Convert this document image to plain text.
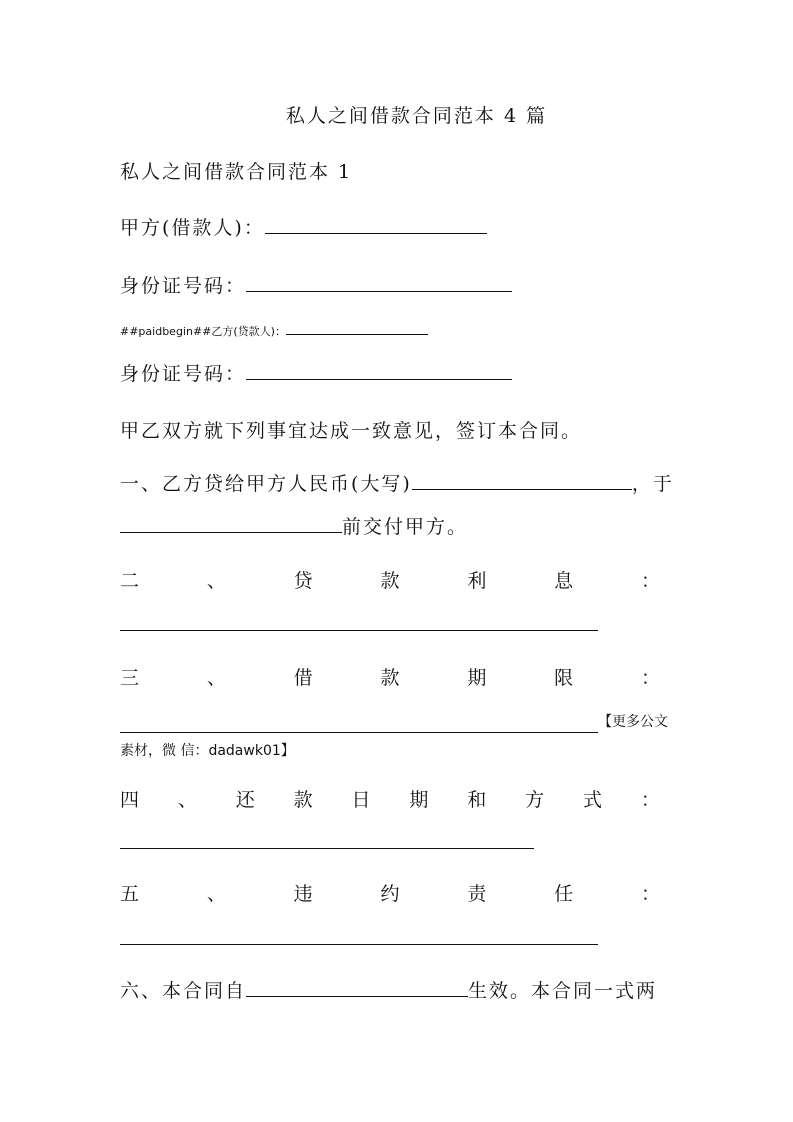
私人之间借款合同范本 4 篇
私人之间借款合同范本 1
甲方(借款人)：
身份证号码：
##paidbegin##乙方(贷款人)：
身份证号码：
甲乙双方就下列事宜达成一致意见，签订本合同。
一、乙方贷给甲方人民币(大写)	，于
前交付甲方。
二	、	贷	款	利	息	：
三	、	借	款	期	限	：
【更多公文
素材，微 信：dadawk01】
四 、 还 款 日 期 和 方 式 ：
五	、	违	约	责	任	：
六、本合同自	生效。本合同一式两
